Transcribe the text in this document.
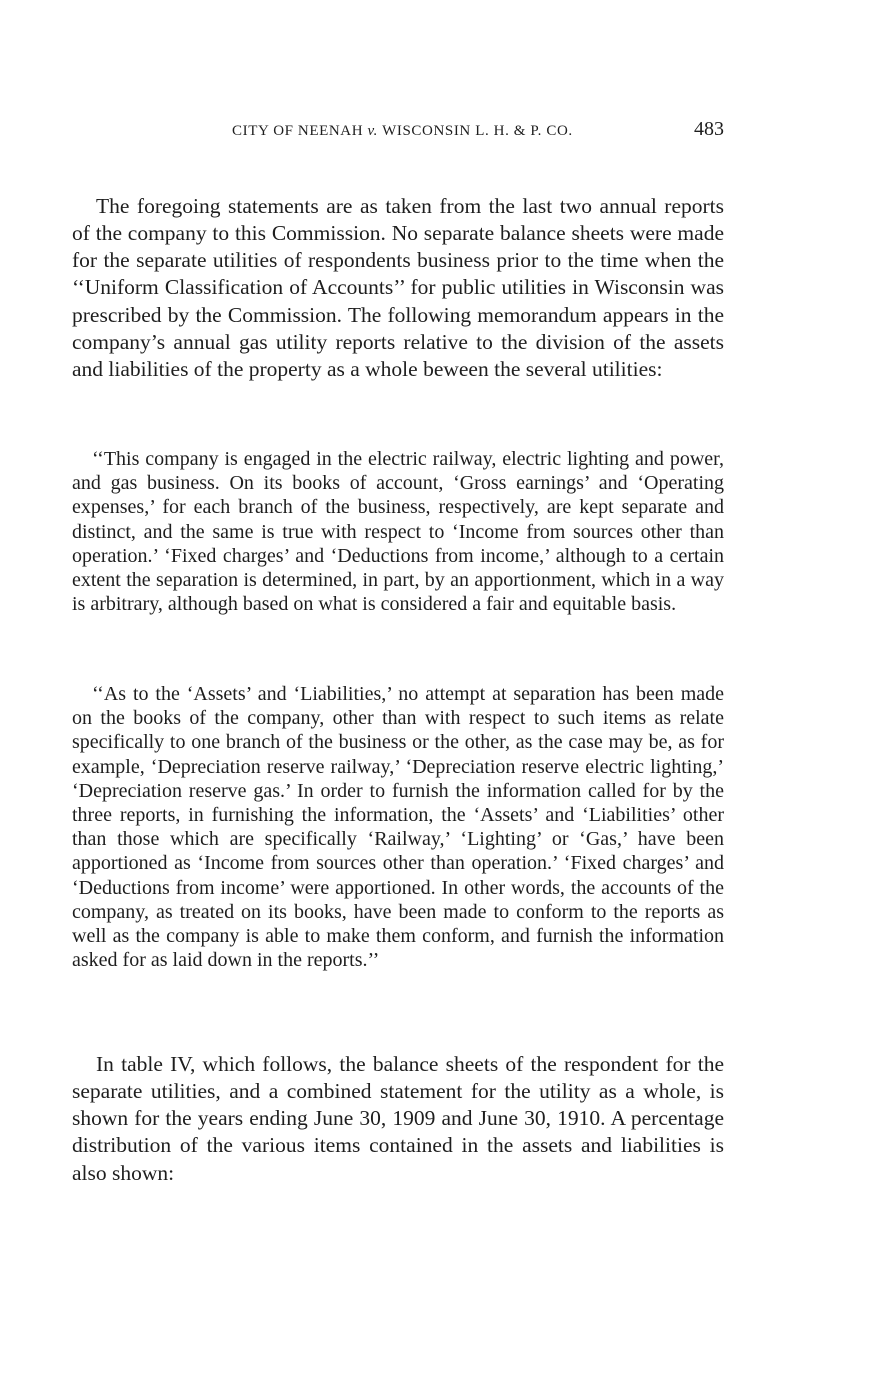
CITY OF NEENAH v. WISCONSIN L. H. & P. CO.	483

The foregoing statements are as taken from the last two annual reports of the company to this Commission. No separate balance sheets were made for the separate utilities of respondents business prior to the time when the ‘‘Uniform Classification of Accounts’’ for public utilities in Wisconsin was prescribed by the Commission. The following memorandum appears in the company’s annual gas utility reports relative to the division of the assets and liabilities of the property as a whole beween the several utilities:

‘‘This company is engaged in the electric railway, electric lighting and power, and gas business. On its books of account, ‘Gross earnings’ and ‘Operating expenses,’ for each branch of the business, respectively, are kept separate and distinct, and the same is true with respect to ‘Income from sources other than operation.’ ‘Fixed charges’ and ‘Deductions from income,’ although to a certain extent the separation is determined, in part, by an apportionment, which in a way is arbitrary, although based on what is considered a fair and equitable basis.

‘‘As to the ‘Assets’ and ‘Liabilities,’ no attempt at separation has been made on the books of the company, other than with respect to such items as relate specifically to one branch of the business or the other, as the case may be, as for example, ‘Depreciation reserve railway,’ ‘Depreciation reserve electric lighting,’ ‘Depreciation reserve gas.’ In order to furnish the information called for by the three reports, in furnishing the information, the ‘Assets’ and ‘Liabilities’ other than those which are specifically ‘Railway,’ ‘Lighting’ or ‘Gas,’ have been apportioned as ‘Income from sources other than operation.’ ‘Fixed charges’ and ‘Deductions from income’ were apportioned. In other words, the accounts of the company, as treated on its books, have been made to conform to the reports as well as the company is able to make them conform, and furnish the information asked for as laid down in the reports.’’

In table IV, which follows, the balance sheets of the respondent for the separate utilities, and a combined statement for the utility as a whole, is shown for the years ending June 30, 1909 and June 30, 1910. A percentage distribution of the various items contained in the assets and liabilities is also shown:
